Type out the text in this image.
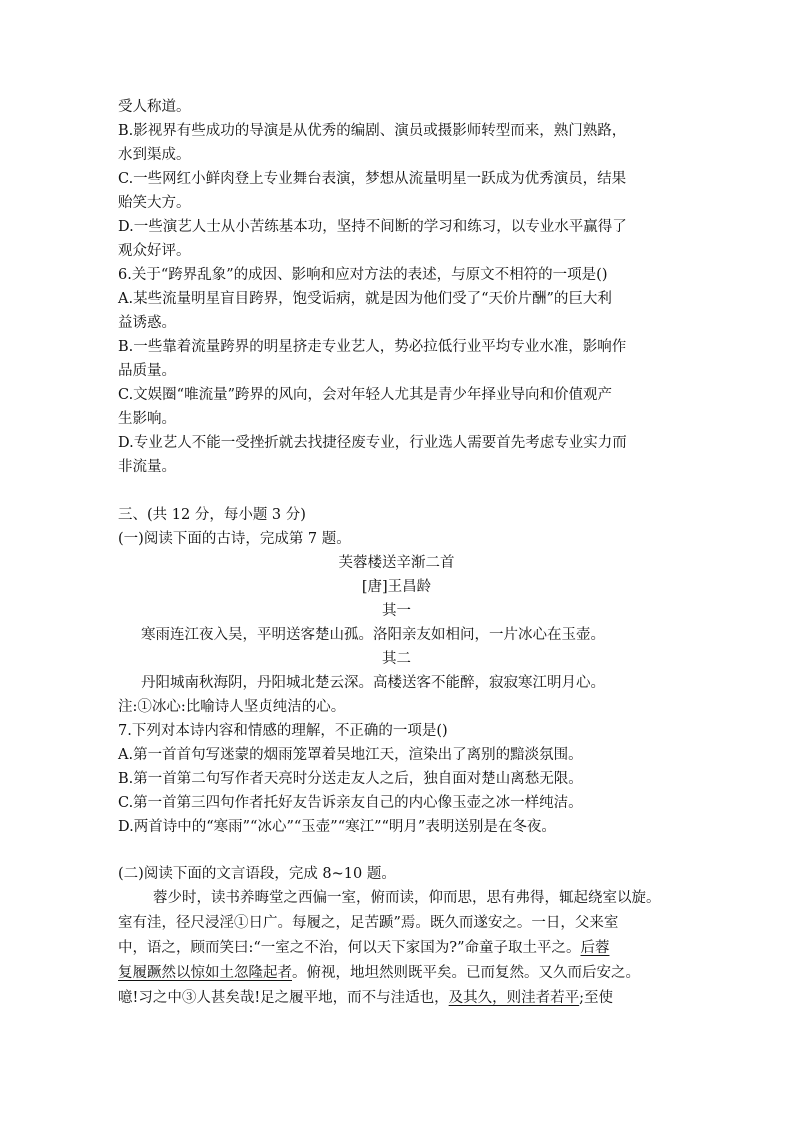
受人称道。
B.影视界有些成功的导演是从优秀的编剧、演员或摄影师转型而来，熟门熟路，
水到渠成。
C.一些网红小鲜肉登上专业舞台表演，梦想从流量明星一跃成为优秀演员，结果
贻笑大方。
D.一些演艺人士从小苦练基本功，坚持不间断的学习和练习，以专业水平赢得了
观众好评。
6.关于“跨界乱象”的成因、影响和应对方法的表述，与原文不相符的一项是()
A.某些流量明星盲目跨界，饱受诟病，就是因为他们受了“天价片酬”的巨大利
益诱惑。
B.一些靠着流量跨界的明星挤走专业艺人，势必拉低行业平均专业水准，影响作
品质量。
C.文娱圈“唯流量”跨界的风向，会对年轻人尤其是青少年择业导向和价值观产
生影响。
D.专业艺人不能一受挫折就去找捷径废专业，行业选人需要首先考虑专业实力而
非流量。
三、(共 12 分，每小题 3 分)
(一)阅读下面的古诗，完成第 7 题。
芙蓉楼送辛渐二首
[唐]王昌龄
其一
寒雨连江夜入吴，平明送客楚山孤。洛阳亲友如相问，一片冰心在玉壶。
其二
丹阳城南秋海阴，丹阳城北楚云深。高楼送客不能醉，寂寂寒江明月心。
注:①冰心:比喻诗人坚贞纯洁的心。
7.下列对本诗内容和情感的理解，不正确的一项是()
A.第一首首句写迷蒙的烟雨笼罩着吴地江天，渲染出了离别的黯淡氛围。
B.第一首第二句写作者天亮时分送走友人之后，独自面对楚山离愁无限。
C.第一首第三四句作者托好友告诉亲友自己的内心像玉壶之冰一样纯洁。
D.两首诗中的“寒雨”“冰心”“玉壶”“寒江”“明月”表明送别是在冬夜。
(二)阅读下面的文言语段，完成 8~10 题。
蓉少时，读书养晦堂之西偏一室，俯而读，仰而思，思有弗得，辄起绕室以旋。
室有洼，径尺浸淫①日广。每履之，足苦踬”焉。既久而遂安之。一日，父来室
中，语之，顾而笑曰:“一室之不治，何以天下家国为?”命童子取土平之。后蓉
复履蹶然以惊如土忽隆起者。俯视，地坦然则既平矣。已而复然。又久而后安之。
噫!习之中③人甚矣哉!足之履平地，而不与洼适也，及其久，则洼者若平;至使
